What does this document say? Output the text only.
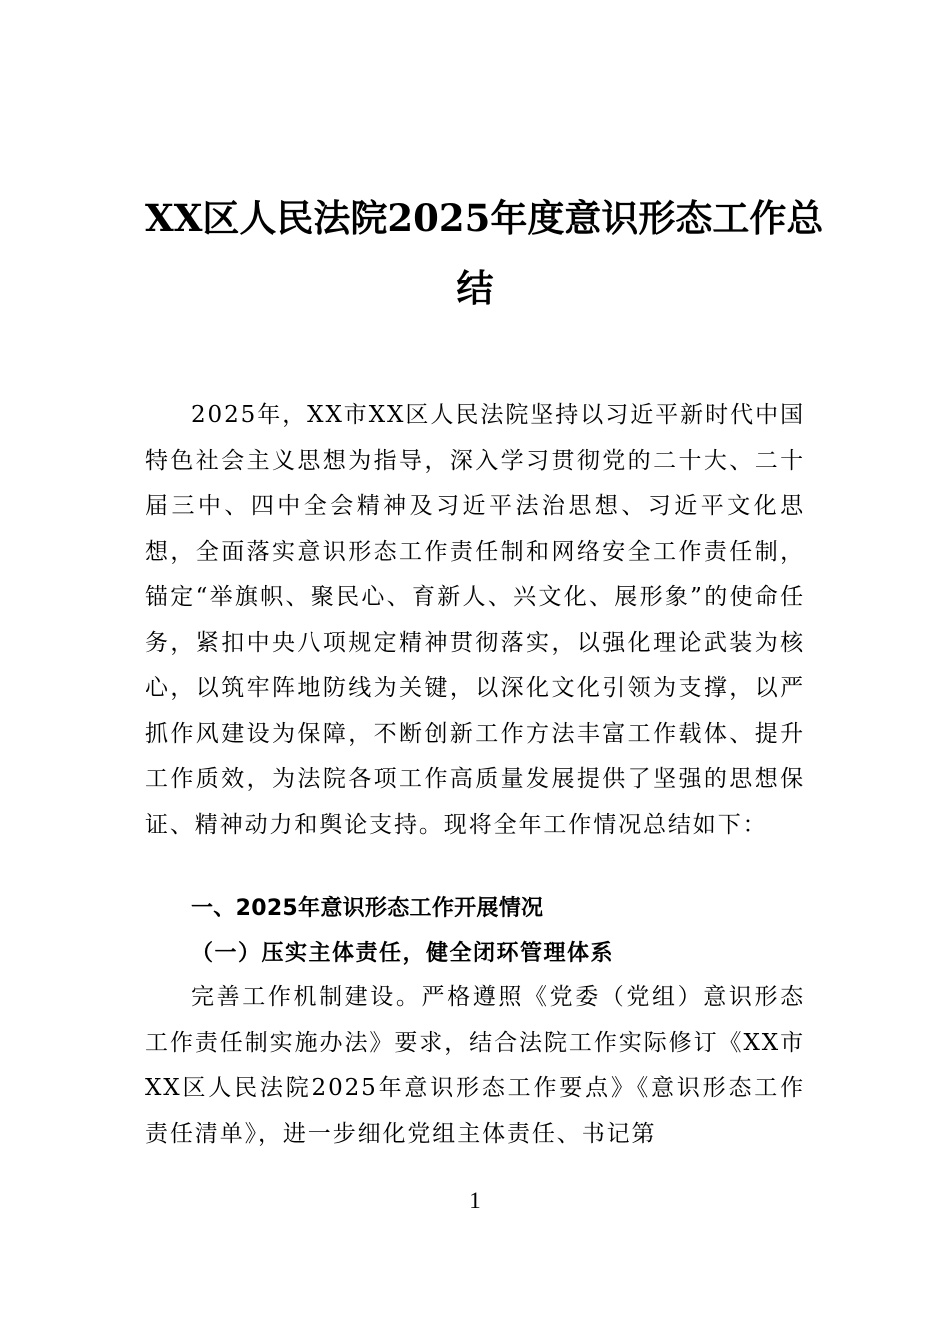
XX区人民法院2025年度意识形态工作总
结

2025年，XX市XX区人民法院坚持以习近平新时代中国特色社会主义思想为指导，深入学习贯彻党的二十大、二十届三中、四中全会精神及习近平法治思想、习近平文化思想，全面落实意识形态工作责任制和网络安全工作责任制，锚定“举旗帜、聚民心、育新人、兴文化、展形象”的使命任务，紧扣中央八项规定精神贯彻落实，以强化理论武装为核心，以筑牢阵地防线为关键，以深化文化引领为支撑，以严抓作风建设为保障，不断创新工作方法丰富工作载体、提升工作质效，为法院各项工作高质量发展提供了坚强的思想保证、精神动力和舆论支持。现将全年工作情况总结如下：

一、2025年意识形态工作开展情况
（一）压实主体责任，健全闭环管理体系

完善工作机制建设。严格遵照《党委（党组）意识形态工作责任制实施办法》要求，结合法院工作实际修订《XX市XX区人民法院2025年意识形态工作要点》《意识形态工作责任清单》，进一步细化党组主体责任、书记第

1
